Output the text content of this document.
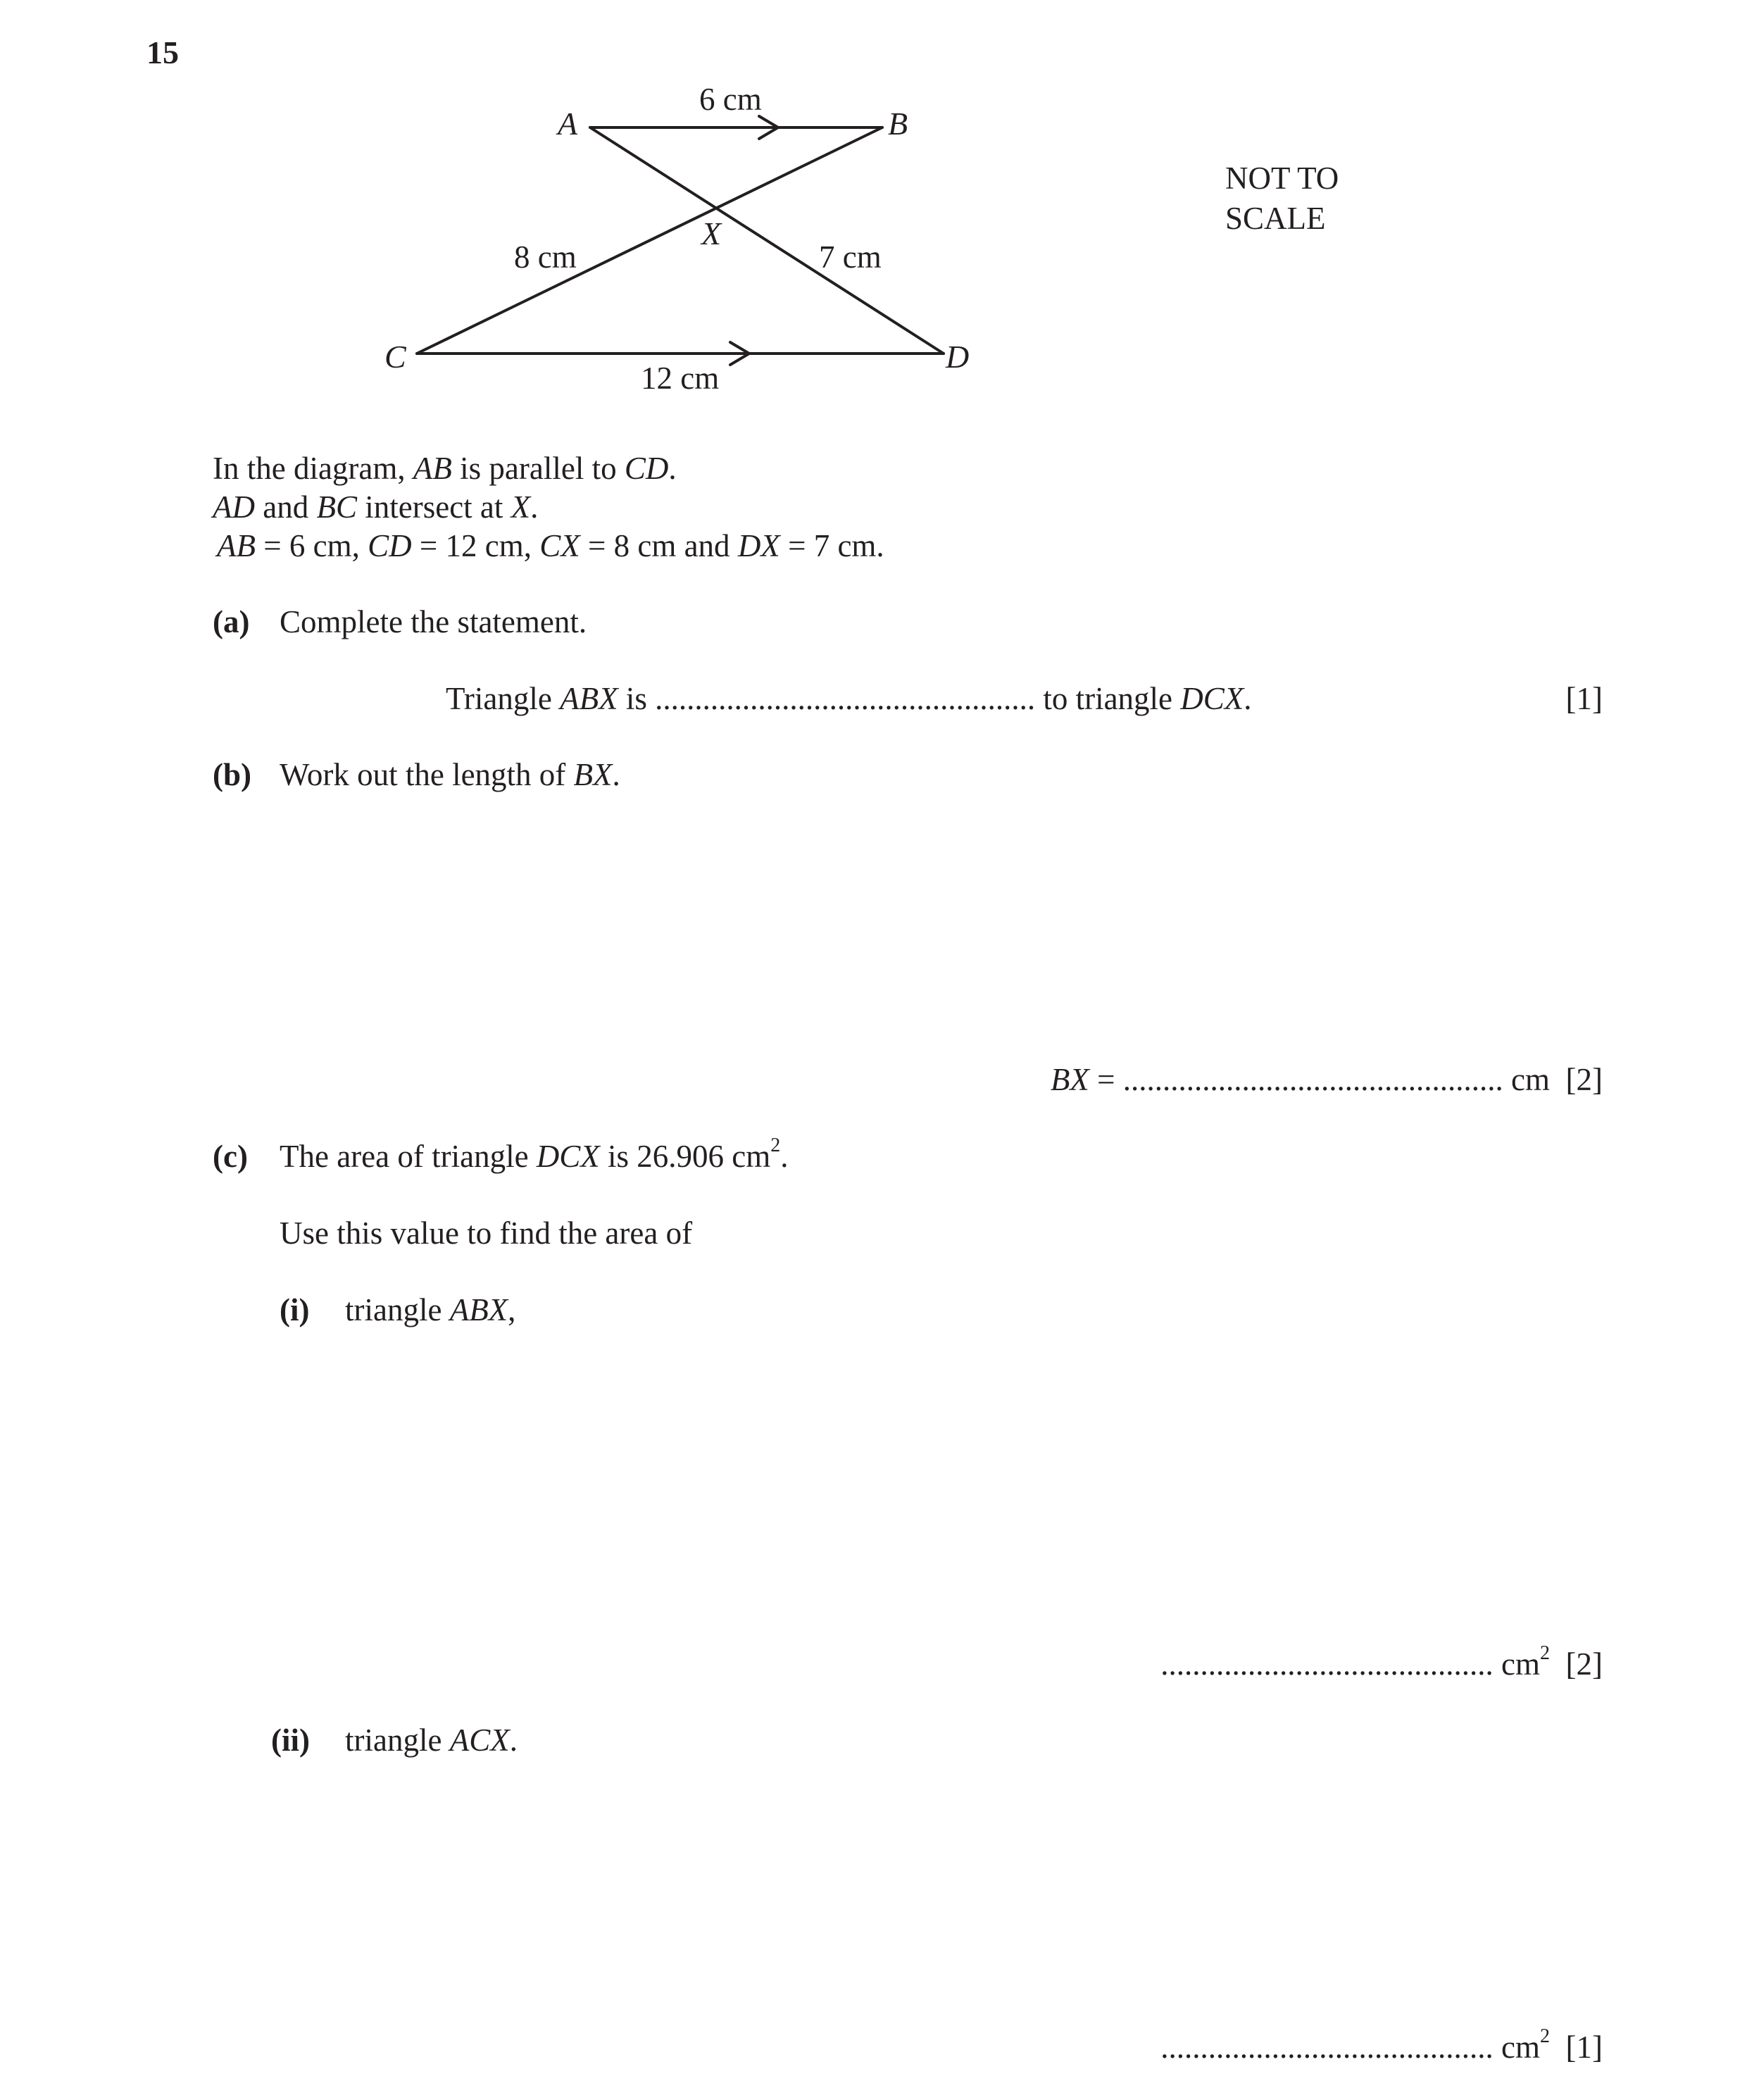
15
A	B
C	D
X
6 cm
8 cm	7 cm
12 cm
NOT TO
SCALE
In the diagram, AB is parallel to CD.
AD and BC intersect at X.
AB = 6 cm, CD = 12 cm, CX = 8 cm and DX = 7 cm.
(a) Complete the statement.
Triangle ABX is ................................................ to triangle DCX.	[1]
(b) Work out the length of BX.
BX = ................................................ cm [2]
(c) The area of triangle DCX is 26.906 $cm^2$.
Use this value to find the area of
(i) triangle ABX,
.......................................... $cm^2$ [2]
(ii) triangle ACX.
.......................................... $cm^2$ [1]
